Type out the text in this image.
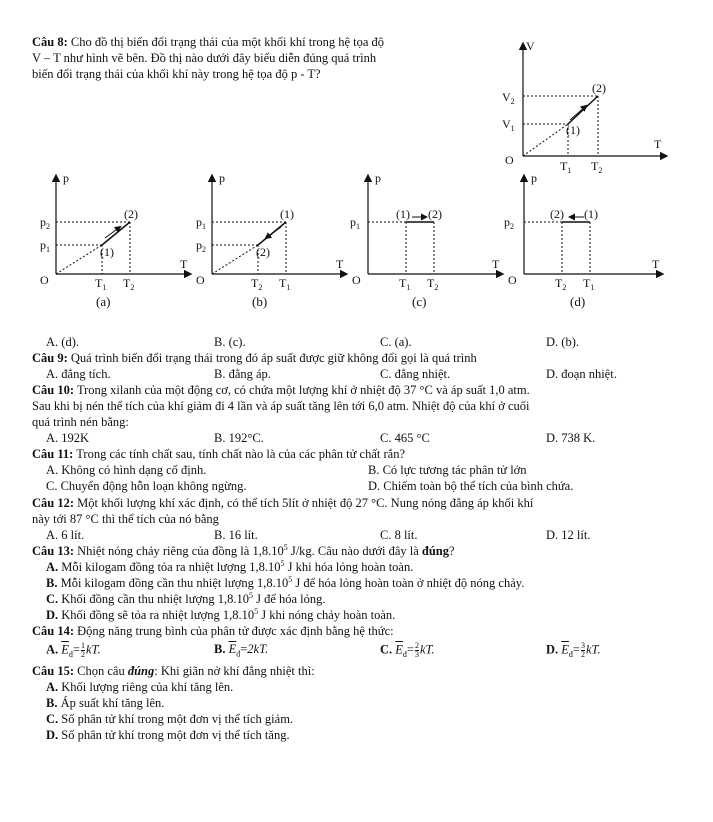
Câu 8: Cho đồ thị biến đổi trạng thái của một khối khí trong hệ tọa độ
V – T như hình vẽ bên. Đồ thị nào dưới đây biểu diễn đúng quá trình
biến đổi trạng thái của khối khí này trong hệ tọa độ p - T?
V
T
O
$V_2$
$V_1$
$T_1$ $T_2$
(2)
(1)
p
T
O
$p_2$
$p_1$
$T_1$ $T_2$
(2)
(1)
(a)
p
T
O
$p_1$
$p_2$
$T_2$ $T_1$
(1)
(2)
(b)
p
T
O
$p_1$
$T_1$ $T_2$
(1) (2)
(c)
p
T
O
$p_2$
$T_2$ $T_1$
(2) (1)
(d)
A. (d).	B. (c).	C. (a).	D. (b).
Câu 9: Quá trình biến đổi trạng thái trong đó áp suất được giữ không đổi gọi là quá trình
A. đẳng tích.	B. đẳng áp.	C. đẳng nhiệt.	D. đoạn nhiệt.
Câu 10: Trong xilanh của một động cơ, có chứa một lượng khí ở nhiệt độ 37 °C và áp suất 1,0 atm.
Sau khi bị nén thể tích của khí giảm đi 4 lần và áp suất tăng lên tới 6,0 atm. Nhiệt độ của khí ở cuối
quá trình nén bằng:
A. 192K	B. 192°C.	C. 465 °C	D. 738 K.
Câu 11: Trong các tính chất sau, tính chất nào là của các phân tử chất rắn?
A. Không có hình dạng cố định.	B. Có lực tương tác phân tử lớn
C. Chuyển động hỗn loạn không ngừng.	D. Chiếm toàn bộ thể tích của bình chứa.
Câu 12: Một khối lượng khí xác định, có thể tích 5lít ở nhiệt độ 27 °C. Nung nóng đẳng áp khối khí
này tới 87 °C thì thể tích của nó bằng
A. 6 lít.	B. 16 lít.	C. 8 lít.	D. 12 lít.
Câu 13: Nhiệt nóng chảy riêng của đồng là 1,8.10$^5$ J/kg. Câu nào dưới đây là đúng?
A. Mỗi kilogam đồng tỏa ra nhiệt lượng 1,8.10$^5$ J khi hóa lỏng hoàn toàn.
B. Mỗi kilogam đồng cần thu nhiệt lượng 1,8.10$^5$ J để hóa lỏng hoàn toàn ở nhiệt độ nóng chảy.
C. Khối đồng cần thu nhiệt lượng 1,8.10$^5$ J để hóa lỏng.
D. Khối đồng sẽ tỏa ra nhiệt lượng 1,8.10$^5$ J khi nóng chảy hoàn toàn.
Câu 14: Động năng trung bình của phân tử được xác định bằng hệ thức:
A. $\overline{E}_đ= \frac{1}{2}$ kT.	B. $\overline{E}_đ=2kT$.	C. $\overline{E}_đ= \frac{2}{3}$ kT.	D. $\overline{E}_đ= \frac{3}{2}$ kT.
Câu 15: Chọn câu đúng: Khi giãn nở khí đẳng nhiệt thì:
A. Khối lượng riêng của khí tăng lên.
B. Áp suất khí tăng lên.
C. Số phân tử khí trong một đơn vị thể tích giảm.
D. Số phân tử khí trong một đơn vị thể tích tăng.
